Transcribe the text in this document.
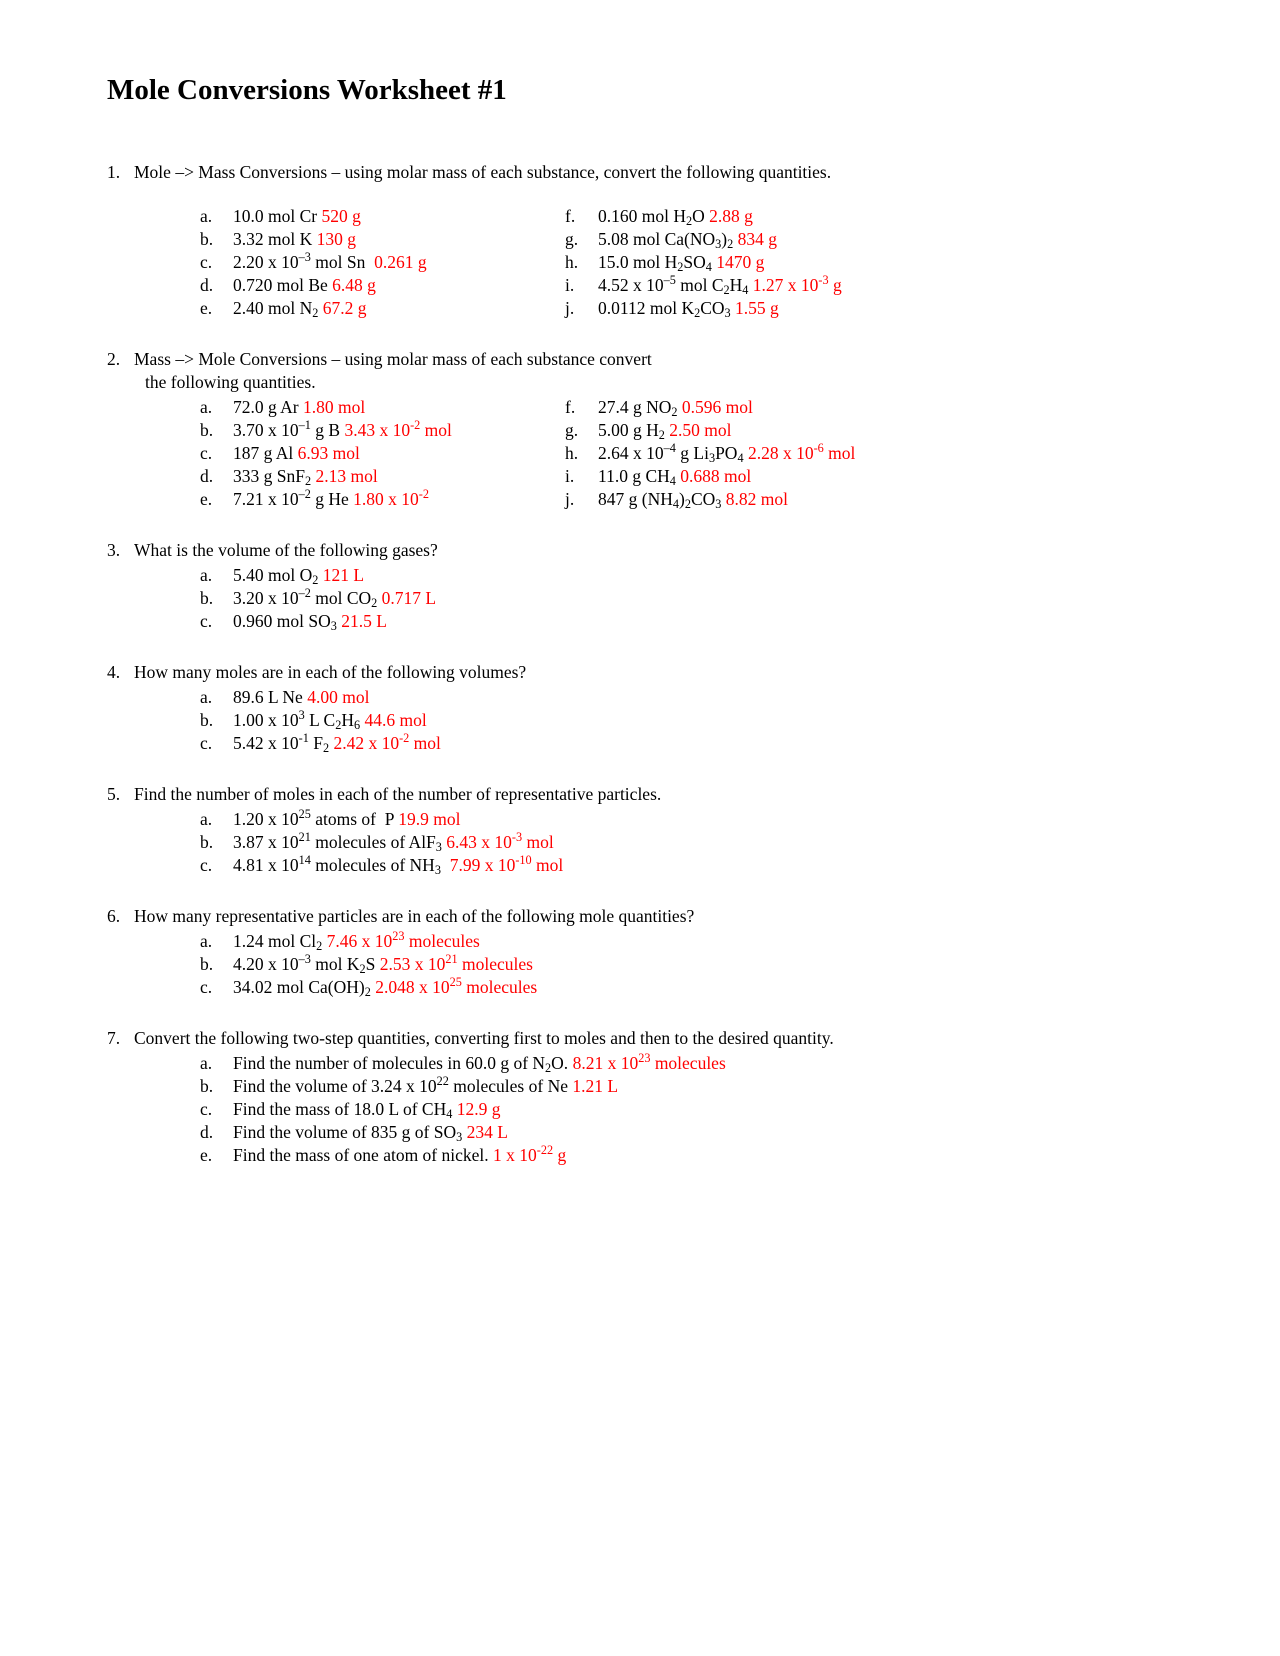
Mole Conversions Worksheet #1
1. Mole –> Mass Conversions – using molar mass of each substance, convert the following quantities.
a.	10.0 mol Cr 520 g
b.	3.32 mol K 130 g
c.	2.20 x $10^{-3}$ mol Sn  0.261 g
d.	0.720 mol Be 6.48 g
e.	2.40 mol $N_2$ 67.2 g
f.	0.160 mol $H_2O$ 2.88 g
g.	5.08 mol $Ca(NO_3)_2$ 834 g
h.	15.0 mol $H_2SO_4$ 1470 g
i.	4.52 x $10^{-5}$ mol $C_2H_4$ 1.27 x $10^{-3}$ g
j.	0.0112 mol $K_2CO_3$ 1.55 g
2. Mass –> Mole Conversions – using molar mass of each substance convert
the following quantities.
a.	72.0 g Ar 1.80 mol
b.	3.70 x $10^{-1}$ g B 3.43 x $10^{-2}$ mol
c.	187 g Al 6.93 mol
d.	333 g SnF$_2$ 2.13 mol
e.	7.21 x $10^{-2}$ g He 1.80 x $10^{-2}$
f.	27.4 g $NO_2$ 0.596 mol
g.	5.00 g $H_2$ 2.50 mol
h.	2.64 x $10^{-4}$ g $Li_3PO_4$ 2.28 x $10^{-6}$ mol
i.	11.0 g $CH_4$ 0.688 mol
j.	847 g $(NH_4)_2CO_3$ 8.82 mol
3. What is the volume of the following gases?
a.	5.40 mol $O_2$ 121 L
b.	3.20 x $10^{-2}$ mol $CO_2$ 0.717 L
c.	0.960 mol $SO_3$ 21.5 L
4. How many moles are in each of the following volumes?
a.	89.6 L Ne 4.00 mol
b.	1.00 x $10^3$ L $C_2H_6$ 44.6 mol
c.	5.42 x $10^{-1}$ $F_2$ 2.42 x $10^{-2}$ mol
5. Find the number of moles in each of the number of representative particles.
a.	1.20 x $10^{25}$ atoms of  P 19.9 mol
b.	3.87 x $10^{21}$ molecules of AlF$_3$ 6.43 x $10^{-3}$ mol
c.	4.81 x $10^{14}$ molecules of $NH_3$ 7.99 x $10^{-10}$ mol
6. How many representative particles are in each of the following mole quantities?
a.	1.24 mol $Cl_2$ 7.46 x $10^{23}$ molecules
b.	4.20 x $10^{-3}$ mol $K_2S$ 2.53 x $10^{21}$ molecules
c.	34.02 mol $Ca(OH)_2$ 2.048 x $10^{25}$ molecules
7. Convert the following two-step quantities, converting first to moles and then to the desired quantity.
a.	Find the number of molecules in 60.0 g of $N_2O$. 8.21 x $10^{23}$ molecules
b.	Find the volume of 3.24 x $10^{22}$ molecules of Ne 1.21 L
c.	Find the mass of 18.0 L of $CH_4$ 12.9 g
d.	Find the volume of 835 g of $SO_3$ 234 L
e.	Find the mass of one atom of nickel. 1 x $10^{-22}$ g
